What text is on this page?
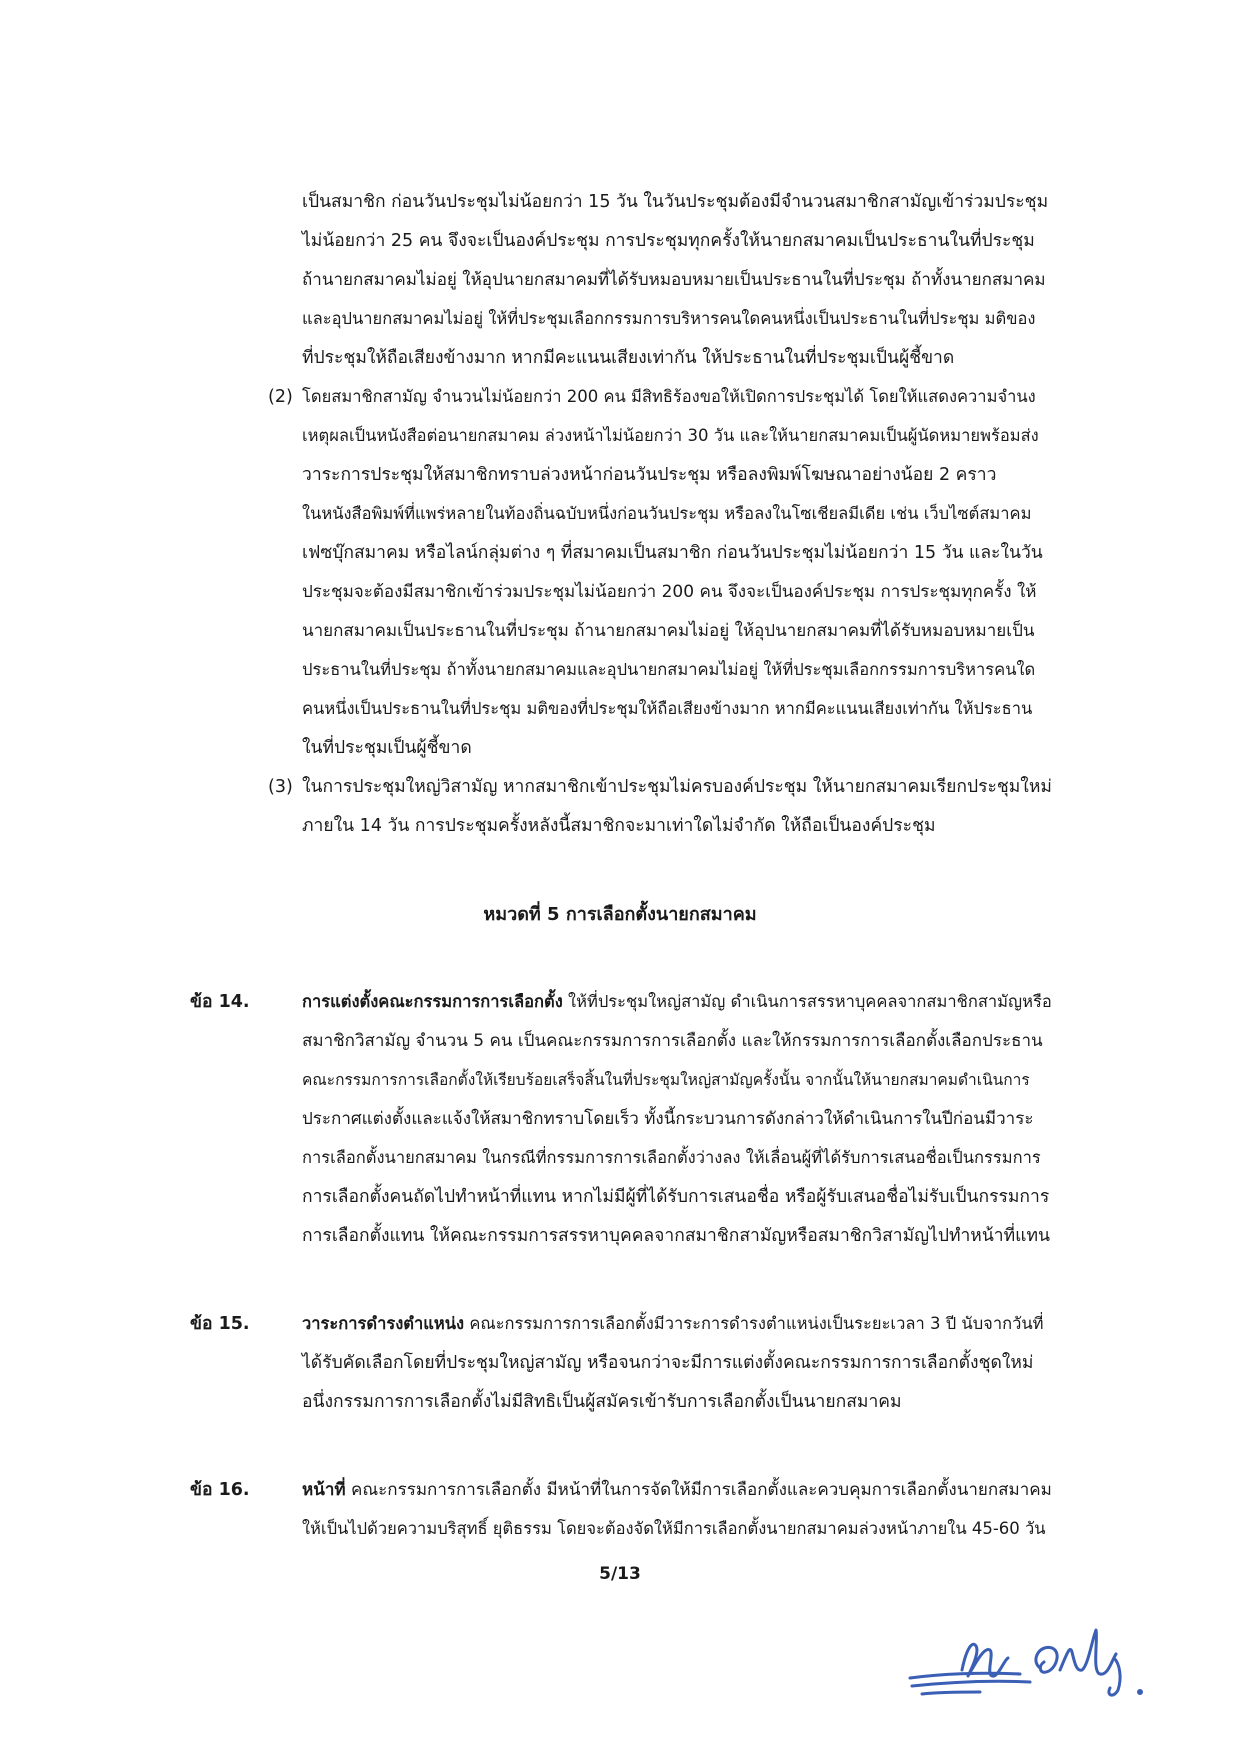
เป็นสมาชิก ก่อนวันประชุมไม่น้อยกว่า 15 วัน ในวันประชุมต้องมีจำนวนสมาชิกสามัญเข้าร่วมประชุม
ไม่น้อยกว่า 25 คน จึงจะเป็นองค์ประชุม การประชุมทุกครั้งให้นายกสมาคมเป็นประธานในที่ประชุม
ถ้านายกสมาคมไม่อยู่ ให้อุปนายกสมาคมที่ได้รับหมอบหมายเป็นประธานในที่ประชุม ถ้าทั้งนายกสมาคม
และอุปนายกสมาคมไม่อยู่ ให้ที่ประชุมเลือกกรรมการบริหารคนใดคนหนึ่งเป็นประธานในที่ประชุม มติของ
ที่ประชุมให้ถือเสียงข้างมาก หากมีคะแนนเสียงเท่ากัน ให้ประธานในที่ประชุมเป็นผู้ชี้ขาด
(2) โดยสมาชิกสามัญ จำนวนไม่น้อยกว่า 200 คน มีสิทธิร้องขอให้เปิดการประชุมได้ โดยให้แสดงความจำนง
เหตุผลเป็นหนังสือต่อนายกสมาคม ล่วงหน้าไม่น้อยกว่า 30 วัน และให้นายกสมาคมเป็นผู้นัดหมายพร้อมส่ง
วาระการประชุมให้สมาชิกทราบล่วงหน้าก่อนวันประชุม หรือลงพิมพ์โฆษณาอย่างน้อย 2 คราว
ในหนังสือพิมพ์ที่แพร่หลายในท้องถิ่นฉบับหนึ่งก่อนวันประชุม หรือลงในโซเชียลมีเดีย เช่น เว็บไซต์สมาคม
เฟซบุ๊กสมาคม หรือไลน์กลุ่มต่าง ๆ ที่สมาคมเป็นสมาชิก ก่อนวันประชุมไม่น้อยกว่า 15 วัน และในวัน
ประชุมจะต้องมีสมาชิกเข้าร่วมประชุมไม่น้อยกว่า 200 คน จึงจะเป็นองค์ประชุม การประชุมทุกครั้ง ให้
นายกสมาคมเป็นประธานในที่ประชุม ถ้านายกสมาคมไม่อยู่ ให้อุปนายกสมาคมที่ได้รับหมอบหมายเป็น
ประธานในที่ประชุม ถ้าทั้งนายกสมาคมและอุปนายกสมาคมไม่อยู่ ให้ที่ประชุมเลือกกรรมการบริหารคนใด
คนหนึ่งเป็นประธานในที่ประชุม มติของที่ประชุมให้ถือเสียงข้างมาก หากมีคะแนนเสียงเท่ากัน ให้ประธาน
ในที่ประชุมเป็นผู้ชี้ขาด
(3) ในการประชุมใหญ่วิสามัญ หากสมาชิกเข้าประชุมไม่ครบองค์ประชุม ให้นายกสมาคมเรียกประชุมใหม่
ภายใน 14 วัน การประชุมครั้งหลังนี้สมาชิกจะมาเท่าใดไม่จำกัด ให้ถือเป็นองค์ประชุม
หมวดที่ 5 การเลือกตั้งนายกสมาคม
ข้อ 14.	การแต่งตั้งคณะกรรมการการเลือกตั้ง ให้ที่ประชุมใหญ่สามัญ ดำเนินการสรรหาบุคคลจากสมาชิกสามัญหรือ
สมาชิกวิสามัญ จำนวน 5 คน เป็นคณะกรรมการการเลือกตั้ง และให้กรรมการการเลือกตั้งเลือกประธาน
คณะกรรมการการเลือกตั้งให้เรียบร้อยเสร็จสิ้นในที่ประชุมใหญ่สามัญครั้งนั้น จากนั้นให้นายกสมาคมดำเนินการ
ประกาศแต่งตั้งและแจ้งให้สมาชิกทราบโดยเร็ว ทั้งนี้กระบวนการดังกล่าวให้ดำเนินการในปีก่อนมีวาระ
การเลือกตั้งนายกสมาคม ในกรณีที่กรรมการการเลือกตั้งว่างลง ให้เลื่อนผู้ที่ได้รับการเสนอชื่อเป็นกรรมการ
การเลือกตั้งคนถัดไปทำหน้าที่แทน หากไม่มีผู้ที่ได้รับการเสนอชื่อ หรือผู้รับเสนอชื่อไม่รับเป็นกรรมการ
การเลือกตั้งแทน ให้คณะกรรมการสรรหาบุคคลจากสมาชิกสามัญหรือสมาชิกวิสามัญไปทำหน้าที่แทน
ข้อ 15.	วาระการดำรงตำแหน่ง คณะกรรมการการเลือกตั้งมีวาระการดำรงตำแหน่งเป็นระยะเวลา 3 ปี นับจากวันที่
ได้รับคัดเลือกโดยที่ประชุมใหญ่สามัญ หรือจนกว่าจะมีการแต่งตั้งคณะกรรมการการเลือกตั้งชุดใหม่
อนึ่งกรรมการการเลือกตั้งไม่มีสิทธิเป็นผู้สมัครเข้ารับการเลือกตั้งเป็นนายกสมาคม
ข้อ 16.	หน้าที่ คณะกรรมการการเลือกตั้ง มีหน้าที่ในการจัดให้มีการเลือกตั้งและควบคุมการเลือกตั้งนายกสมาคม
ให้เป็นไปด้วยความบริสุทธิ์ ยุติธรรม โดยจะต้องจัดให้มีการเลือกตั้งนายกสมาคมล่วงหน้าภายใน 45-60 วัน
5/13
